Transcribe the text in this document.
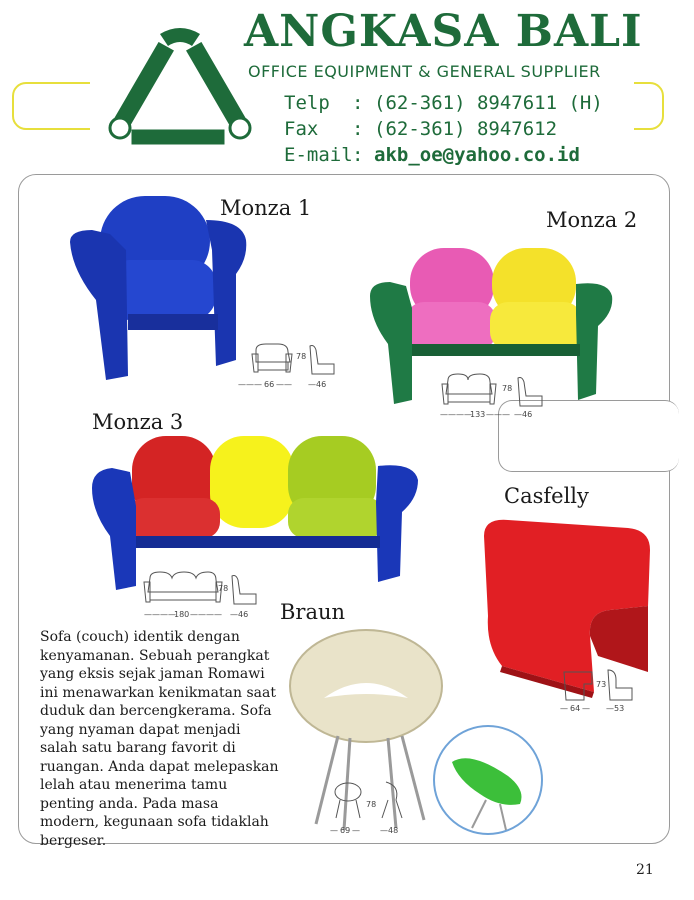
ANGKASA BALI
OFFICE EQUIPMENT & GENERAL SUPPLIER
Telp : (62-361) 8947611 (H)
Fax : (62-361) 8947612
E-mail : akb_oe@yahoo.co.id
Monza 1
——— 66 ——
78
— 46
Monza 2
————
133 ———
78
— 46
Monza 3
————
180 ————
78
— 46
Casfelly
— 64 —
73
— 53
Braun
— 69 —
78
— 48
Sofa (couch) identik dengan kenyamanan. Sebuah perangkat yang eksis sejak jaman Romawi ini menawarkan kenikmatan saat duduk dan bercengkerama. Sofa yang nyaman dapat menjadi salah satu barang favorit di ruangan. Anda dapat melepaskan lelah atau menerima tamu penting anda. Pada masa modern, kegunaan sofa tidaklah bergeser.
21
